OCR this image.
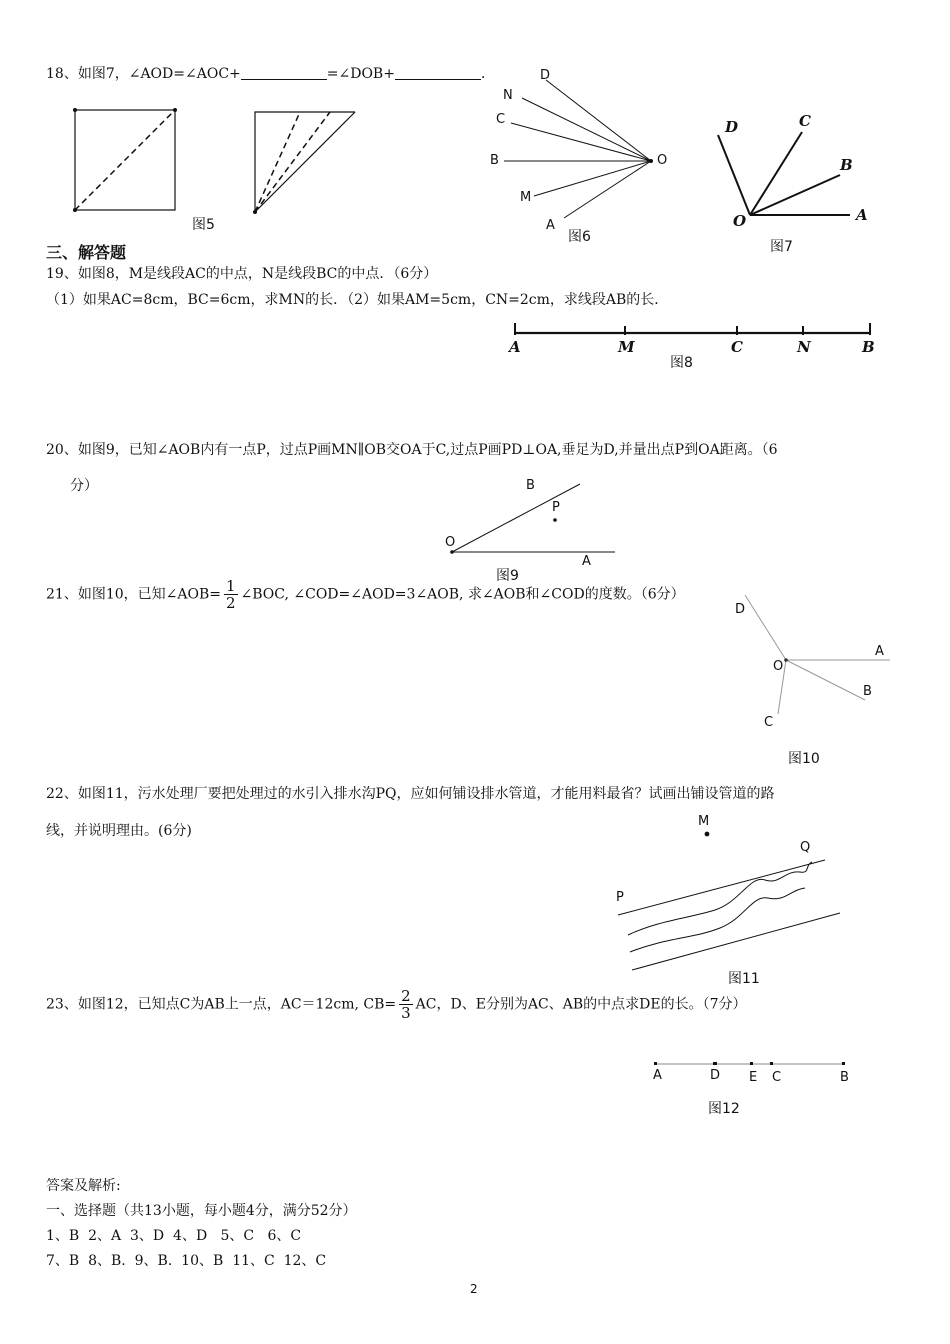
18、如图7，∠AOD=∠AOC+	=∠DOB+	．
图5
D
N
C
B	O
M
A
图6
D	C
B
O	A
图7
三、解答题
19、如图8，M是线段AC的中点，N是线段BC的中点．（6分）
（1）如果AC=8cm，BC=6cm，求MN的长．（2）如果AM=5cm，CN=2cm，求线段AB的长．
A	M	C	N	B
图8
20、如图9，已知∠AOB内有一点P，过点P画MN∥OB交OA于C,过点P画PD⊥OA,垂足为D,并量出点P到OA距离。（6
分）	B
P
O
A
图9
21、如图10，已知∠AOB= $\frac{1}{2}$ ∠BOC, ∠COD=∠AOD=3∠AOB, 求∠AOB和∠COD的度数。（6分）
D
A
O
B
C
图10
22、如图11，污水处理厂要把处理过的水引入排水沟PQ，应如何铺设排水管道，才能用料最省？试画出铺设管道的路
线，并说明理由。(6分)
M
Q
P
图11
23、如图12，已知点C为AB上一点，AC＝12cm, $CB= \frac{2}{3}$ AC，D、E分别为AC、AB的中点求DE的长。（7分）
A	D E C	B
图12
答案及解析:
一、选择题（共13小题，每小题4分，满分52分）
1、B  2、A  3、D  4、D   5、C   6、C
7、B  8、B.  9、B.  10、B  11、C  12、C
2
